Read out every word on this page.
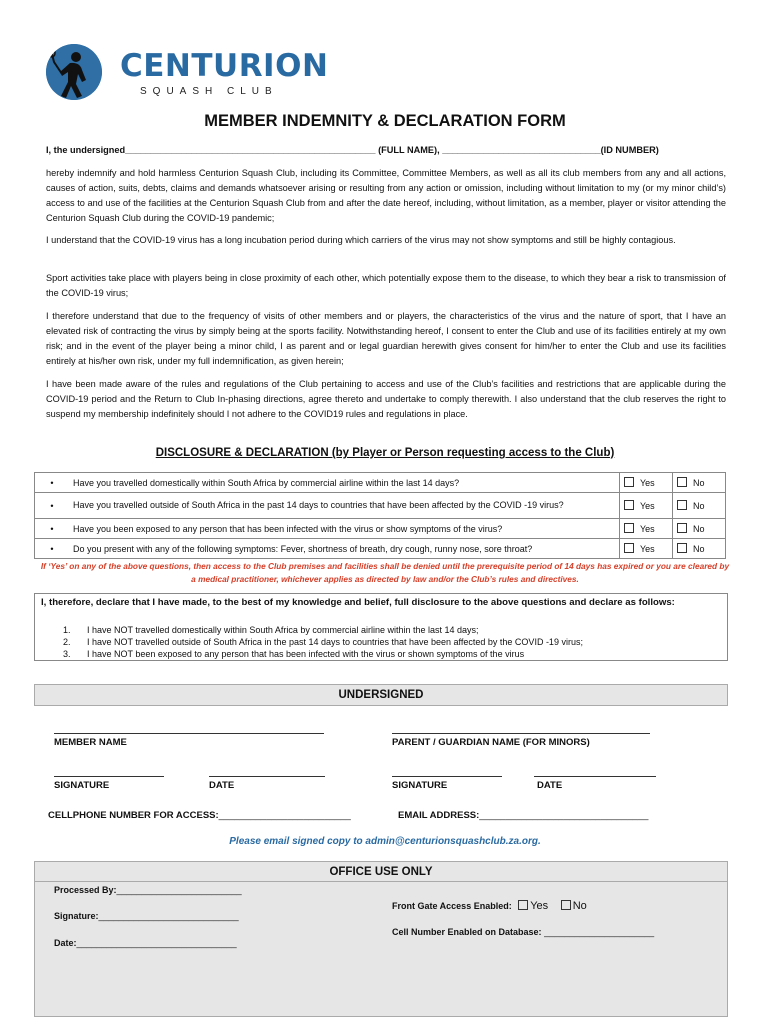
CENTURION
SQUASH CLUB
MEMBER INDEMNITY & DECLARATION FORM
I, the undersigned_________________________________________________ (FULL NAME), _______________________________(ID NUMBER)
hereby indemnify and hold harmless Centurion Squash Club, including its Committee, Committee Members, as well as all its club members from any and all actions, causes of action, suits, debts, claims and demands whatsoever arising or resulting from any action or omission, including without limitation to my (or my minor child’s) access to and use of the facilities at the Centurion Squash Club from and after the date hereof, including, without limitation, as a member, player or visitor attending the Centurion Squash Club during the COVID-19 pandemic;
I understand that the COVID-19 virus has a long incubation period during which carriers of the virus may not show symptoms and still be highly contagious.
Sport activities take place with players being in close proximity of each other, which potentially expose them to the disease, to which they bear a risk to transmission of the COVID-19 virus;
I therefore understand that due to the frequency of visits of other members and or players, the characteristics of the virus and the nature of sport, that I have an elevated risk of contracting the virus by simply being at the sports facility. Notwithstanding hereof, I consent to enter the Club and use of its facilities entirely at my own risk; and in the event of the player being a minor child, I as parent and or legal guardian herewith gives consent for him/her to enter the Club and use its facilities entirely at his/her own risk, under my full indemnification, as given herein;
I have been made aware of the rules and regulations of the Club pertaining to access and use of the Club’s facilities and restrictions that are applicable during the COVID-19 period and the Return to Club In-phasing directions, agree thereto and undertake to comply therewith. I also understand that the club reserves the right to suspend my membership indefinitely should I not adhere to the COVID19 rules and regulations in place.
DISCLOSURE & DECLARATION (by Player or Person requesting access to the Club)
•	Have you travelled domestically within South Africa by commercial airline within the last 14 days?	Yes	No
•	Have you travelled outside of South Africa in the past 14 days to countries that have been affected by the COVID -19 virus?	Yes	No
•	Have you been exposed to any person that has been infected with the virus or show symptoms of the virus?	Yes	No
•	Do you present with any of the following symptoms: Fever, shortness of breath, dry cough, runny nose, sore throat?	Yes	No
If ‘Yes’ on any of the above questions, then access to the Club premises and facilities shall be denied until the prerequisite period of 14 days has expired or you are cleared by a medical practitioner, whichever applies as directed by law and/or the Club’s rules and directives.
I, therefore, declare that I have made, to the best of my knowledge and belief, full disclosure to the above questions and declare as follows:
1. I have NOT travelled domestically within South Africa by commercial airline within the last 14 days;
2. I have NOT travelled outside of South Africa in the past 14 days to countries that have been affected by the COVID -19 virus;
3. I have NOT been exposed to any person that has been infected with the virus or shown symptoms of the virus
UNDERSIGNED
MEMBER NAME	PARENT / GUARDIAN NAME (FOR MINORS)
SIGNATURE	DATE	SIGNATURE	DATE
CELLPHONE NUMBER FOR ACCESS:_________________________	EMAIL ADDRESS:________________________________
Please email signed copy to admin@centurionsquashclub.za.org.
OFFICE USE ONLY
Processed By:_________________________
Signature:____________________________
Date:________________________________
Front Gate Access Enabled: Yes No
Cell Number Enabled on Database: ______________________
